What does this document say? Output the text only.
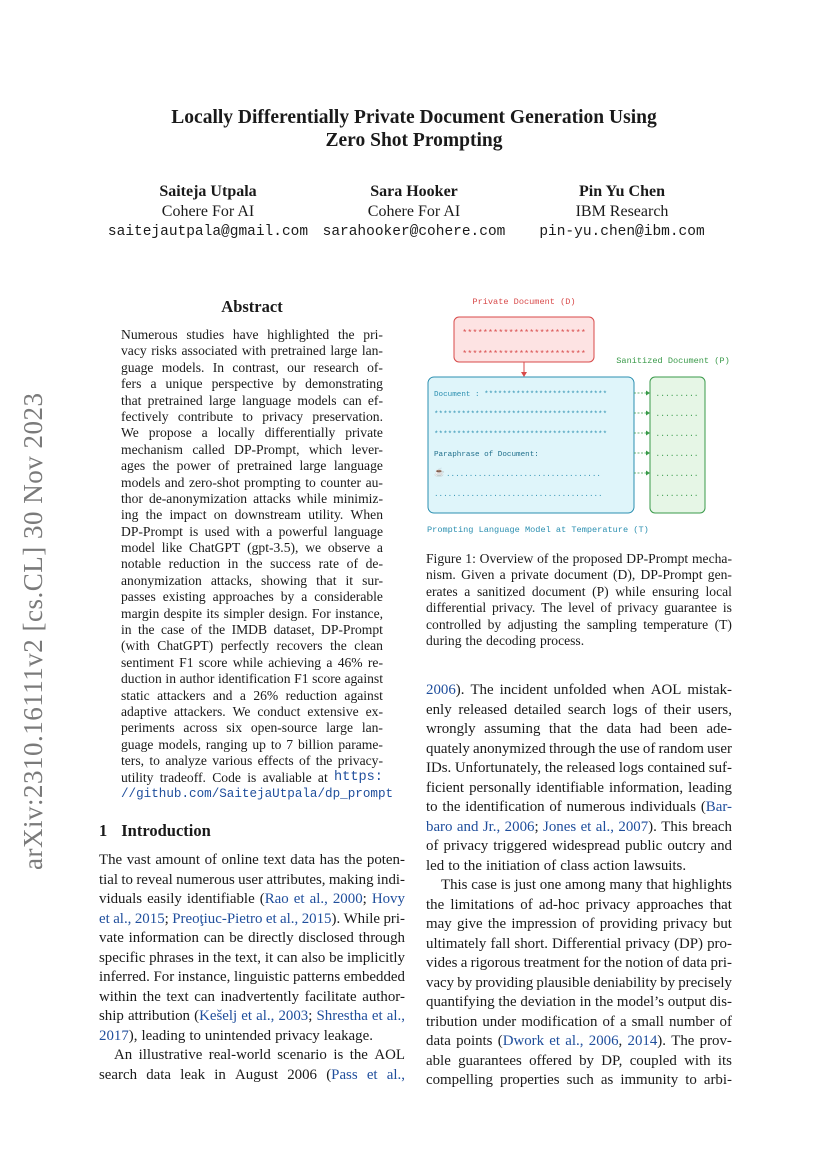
arXiv:2310.16111v2 [cs.CL] 30 Nov 2023
Locally Differentially Private Document Generation Using
Zero Shot Prompting
Saiteja Utpala
Cohere For AI
saitejautpala@gmail.com
Sara Hooker
Cohere For AI
sarahooker@cohere.com
Pin Yu Chen
IBM Research
pin-yu.chen@ibm.com
Abstract
Numerous studies have highlighted the pri-
vacy risks associated with pretrained large lan-
guage models. In contrast, our research of-
fers a unique perspective by demonstrating
that pretrained large language models can ef-
fectively contribute to privacy preservation.
We propose a locally differentially private
mechanism called DP-Prompt, which lever-
ages the power of pretrained large language
models and zero-shot prompting to counter au-
thor de-anonymization attacks while minimiz-
ing the impact on downstream utility. When
DP-Prompt is used with a powerful language
model like ChatGPT (gpt-3.5), we observe a
notable reduction in the success rate of de-
anonymization attacks, showing that it sur-
passes existing approaches by a considerable
margin despite its simpler design. For instance,
in the case of the IMDB dataset, DP-Prompt
(with ChatGPT) perfectly recovers the clean
sentiment F1 score while achieving a 46% re-
duction in author identification F1 score against
static attackers and a 26% reduction against
adaptive attackers. We conduct extensive ex-
periments across six open-source large lan-
guage models, ranging up to 7 billion parame-
ters, to analyze various effects of the privacy-
utility tradeoff. Code is avaliable at https:
//github.com/SaitejaUtpala/dp_prompt
Private Document (D)
************************
************************
Sanitized Document (P)
Document : ***************************
**************************************
**************************************
Paraphrase of Document:
..................................
.....................................
☕
.........
.........
.........
.........
.........
.........
Prompting Language Model at Temperature (T)
Figure 1: Overview of the proposed DP-Prompt mecha-
nism. Given a private document (D), DP-Prompt gen-
erates a sanitized document (P) while ensuring local
differential privacy. The level of privacy guarantee is
controlled by adjusting the sampling temperature (T)
during the decoding process.
1 Introduction
The vast amount of online text data has the poten-
tial to reveal numerous user attributes, making indi-
viduals easily identifiable (Rao et al., 2000; Hovy
et al., 2015; Preoţiuc-Pietro et al., 2015). While pri-
vate information can be directly disclosed through
specific phrases in the text, it can also be implicitly
inferred. For instance, linguistic patterns embedded
within the text can inadvertently facilitate author-
ship attribution (Kešelj et al., 2003; Shrestha et al.,
2017), leading to unintended privacy leakage.
An illustrative real-world scenario is the AOL
search data leak in August 2006 (Pass et al.,
2006). The incident unfolded when AOL mistak-
enly released detailed search logs of their users,
wrongly assuming that the data had been ade-
quately anonymized through the use of random user
IDs. Unfortunately, the released logs contained suf-
ficient personally identifiable information, leading
to the identification of numerous individuals (Bar-
baro and Jr., 2006; Jones et al., 2007). This breach
of privacy triggered widespread public outcry and
led to the initiation of class action lawsuits.
This case is just one among many that highlights
the limitations of ad-hoc privacy approaches that
may give the impression of providing privacy but
ultimately fall short. Differential privacy (DP) pro-
vides a rigorous treatment for the notion of data pri-
vacy by providing plausible deniability by precisely
quantifying the deviation in the model’s output dis-
tribution under modification of a small number of
data points (Dwork et al., 2006, 2014). The prov-
able guarantees offered by DP, coupled with its
compelling properties such as immunity to arbi-
